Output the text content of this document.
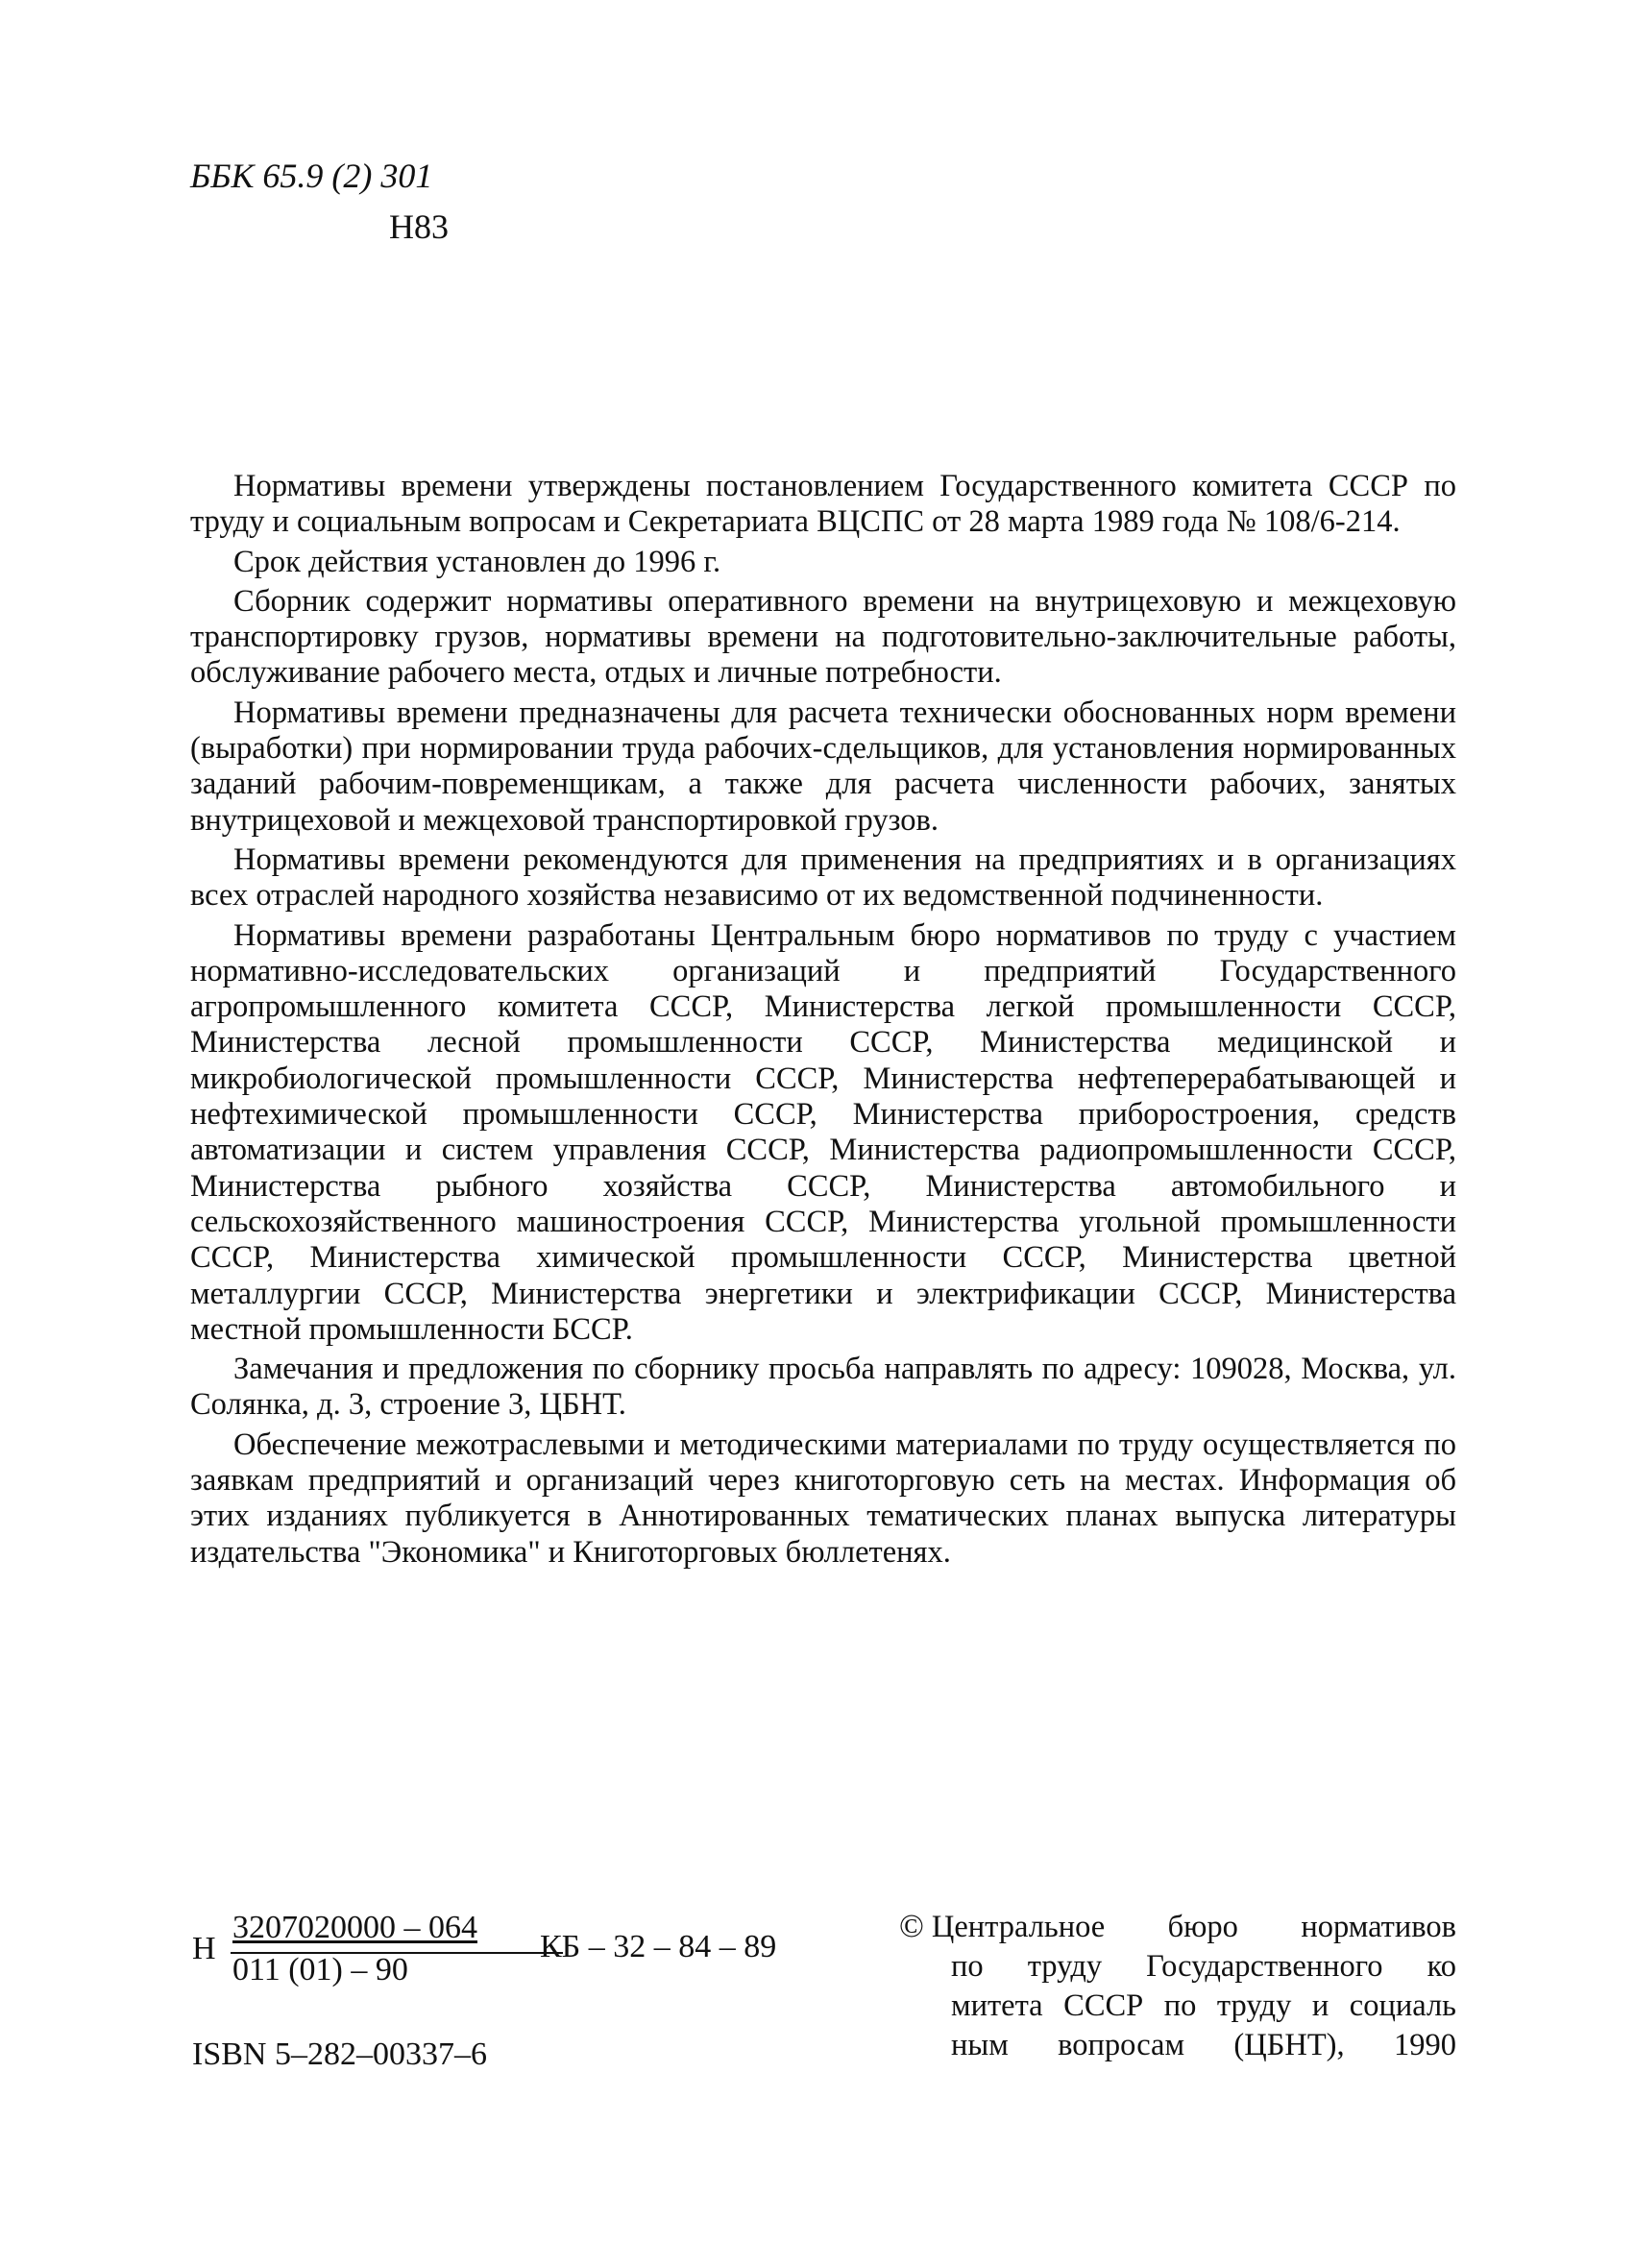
ББК 65.9 (2) 301
Н83

Нормативы времени утверждены постановлением Государственного комитета СССР по труду и социальным вопросам и Секретариата ВЦСПС от 28 марта 1989 года № 108/6-214.

Срок действия установлен до 1996 г.

Сборник содержит нормативы оперативного времени на внутрицеховую и межцеховую транспортировку грузов, нормативы времени на подготовительно-заключительные работы, обслуживание рабочего места, отдых и личные потребности.

Нормативы времени предназначены для расчета технически обоснованных норм времени (выработки) при нормировании труда рабочих-сдельщиков, для установления нормированных заданий рабочим-повременщикам, а также для расчета численности рабочих, занятых внутрицеховой и межцеховой транспортировкой грузов.

Нормативы времени рекомендуются для применения на предприятиях и в организациях всех отраслей народного хозяйства независимо от их ведомственной подчиненности.

Нормативы времени разработаны Центральным бюро нормативов по труду с участием нормативно-исследовательских организаций и предприятий Государственного агропромышленного комитета СССР, Министерства легкой промышленности СССР, Министерства лесной промышленности СССР, Министерства медицинской и микробиологической промышленности СССР, Министерства нефтеперерабатывающей и нефтехимической промышленности СССР, Министерства приборостроения, средств автоматизации и систем управления СССР, Министерства радиопромышленности СССР, Министерства рыбного хозяйства СССР, Министерства автомобильного и сельскохозяйственного машиностроения СССР, Министерства угольной промышленности СССР, Министерства химической промышленности СССР, Министерства цветной металлургии СССР, Министерства энергетики и электрификации СССР, Министерства местной промышленности БССР.

Замечания и предложения по сборнику просьба направлять по адресу: 109028, Москва, ул. Солянка, д. 3, строение 3, ЦБНТ.

Обеспечение межотраслевыми и методическими материалами по труду осуществляется по заявкам предприятий и организаций через книготорговую сеть на местах. Информация об этих изданиях публикуется в Аннотированных тематических планах выпуска литературы издательства "Экономика" и Книготорговых бюллетенях.

Н
3207020000 – 064
011 (01) – 90
КБ – 32 – 84 – 89
ISBN 5–282–00337–6
© Центральное бюро нормативов
по труду Государственного ко
митета СССР по труду и социаль
ным вопросам (ЦБНТ), 1990
